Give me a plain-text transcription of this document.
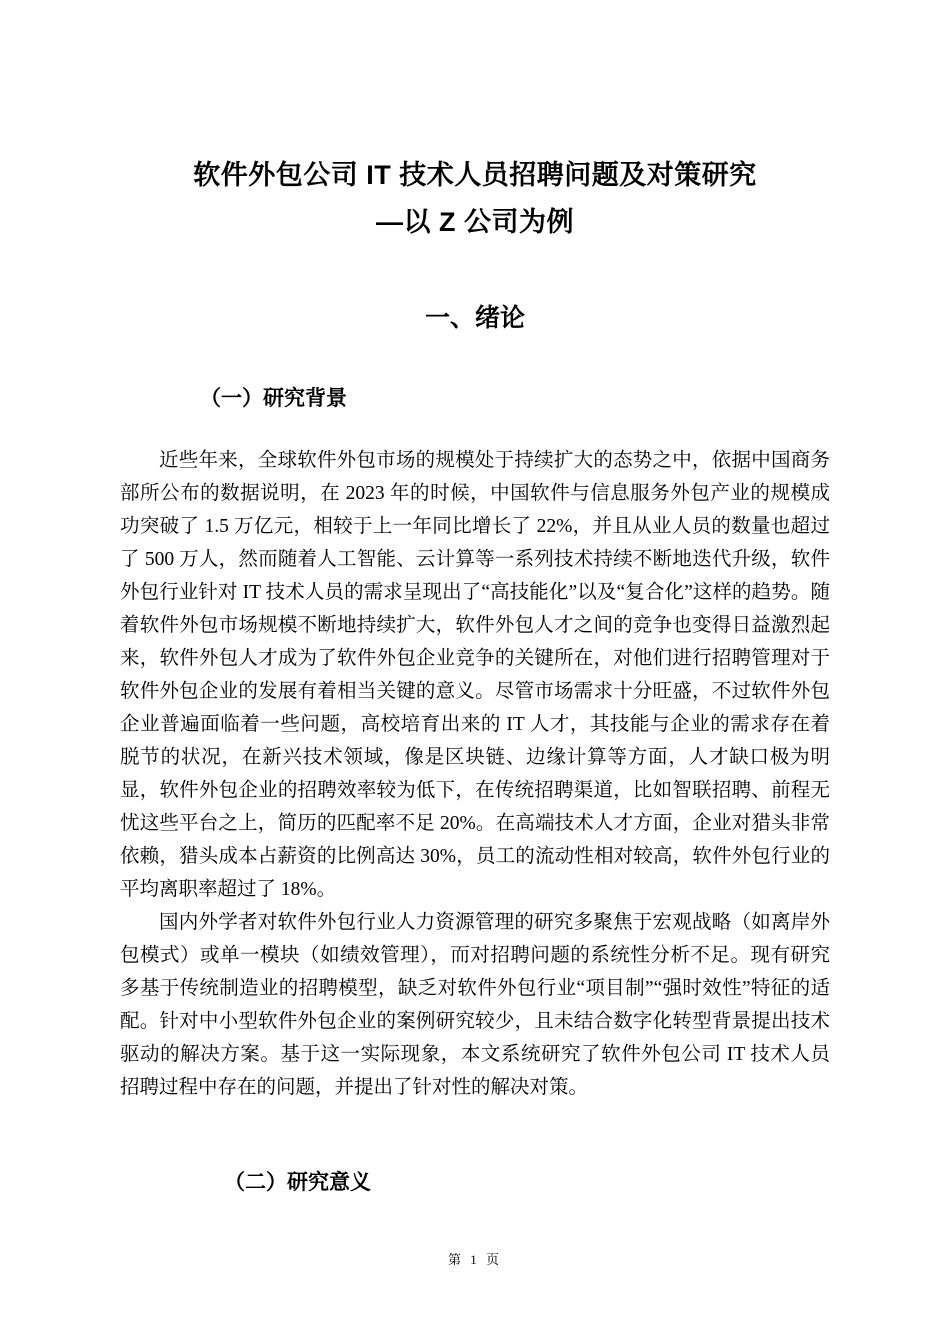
软件外包公司 IT 技术人员招聘问题及对策研究
—以 Z 公司为例
一、绪论
（一）研究背景

近些年来，全球软件外包市场的规模处于持续扩大的态势之中，依据中国商务部所公布的数据说明，在 2023 年的时候，中国软件与信息服务外包产业的规模成功突破了 1.5 万亿元，相较于上一年同比增长了 22%，并且从业人员的数量也超过了 500 万人，然而随着人工智能、云计算等一系列技术持续不断地迭代升级，软件外包行业针对 IT 技术人员的需求呈现出了“高技能化”以及“复合化”这样的趋势。随着软件外包市场规模不断地持续扩大，软件外包人才之间的竞争也变得日益激烈起来，软件外包人才成为了软件外包企业竞争的关键所在，对他们进行招聘管理对于软件外包企业的发展有着相当关键的意义。尽管市场需求十分旺盛，不过软件外包企业普遍面临着一些问题，高校培育出来的 IT 人才，其技能与企业的需求存在着脱节的状况，在新兴技术领域，像是区块链、边缘计算等方面，人才缺口极为明显，软件外包企业的招聘效率较为低下，在传统招聘渠道，比如智联招聘、前程无忧这些平台之上，简历的匹配率不足 20%。在高端技术人才方面，企业对猎头非常依赖，猎头成本占薪资的比例高达 30%，员工的流动性相对较高，软件外包行业的平均离职率超过了 18%。

国内外学者对软件外包行业人力资源管理的研究多聚焦于宏观战略（如离岸外包模式）或单一模块（如绩效管理），而对招聘问题的系统性分析不足。现有研究多基于传统制造业的招聘模型，缺乏对软件外包行业“项目制”“强时效性”特征的适配。针对中小型软件外包企业的案例研究较少，且未结合数字化转型背景提出技术驱动的解决方案。基于这一实际现象，本文系统研究了软件外包公司 IT 技术人员招聘过程中存在的问题，并提出了针对性的解决对策。

（二）研究意义
第 1 页
